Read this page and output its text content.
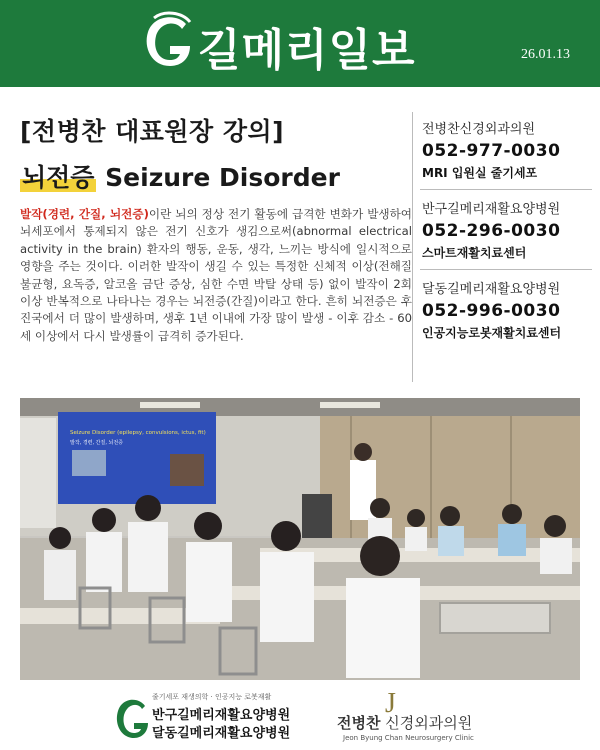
길메리일보	26.01.13
[전병찬 대표원장 강의]
뇌전증 Seizure Disorder

발작(경련, 간질, 뇌전증)이란 뇌의 정상 전기 활동에 급격한 변화가 발생하여 뇌세포에서 통제되지 않은 전기 신호가 생김으로써(abnormal electrical activity in the brain) 환자의 행동, 운동, 생각, 느끼는 방식에 일시적으로 영향을 주는 것이다. 이러한 발작이 생길 수 있는 특정한 신체적 이상(전해질 불균형, 요독증, 알코올 금단 증상, 심한 수면 박탈 상태 등) 없이 발작이 2회 이상 반복적으로 나타나는 경우는 뇌전증(간질)이라고 한다. 흔히 뇌전증은 후진국에서 더 많이 발생하며, 생후 1년 이내에 가장 많이 발생 - 이후 감소 - 60세 이상에서 다시 발생률이 급격히 증가된다.

전병찬신경외과의원
052-977-0030
MRI 입원실 줄기세포
반구길메리재활요양병원
052-296-0030
스마트재활치료센터
달동길메리재활요양병원
052-996-0030
인공지능로봇재활치료센터
Seizure Disorder (epilepsy, convulsions, ictus, fit)
발작, 경련, 간질, 뇌전증
줄기세포 재생의학 · 인공지능 로봇재활
반구길메리재활요양병원
달동길메리재활요양병원
J
전병찬 신경외과의원
Jeon Byung Chan Neurosurgery Clinic
